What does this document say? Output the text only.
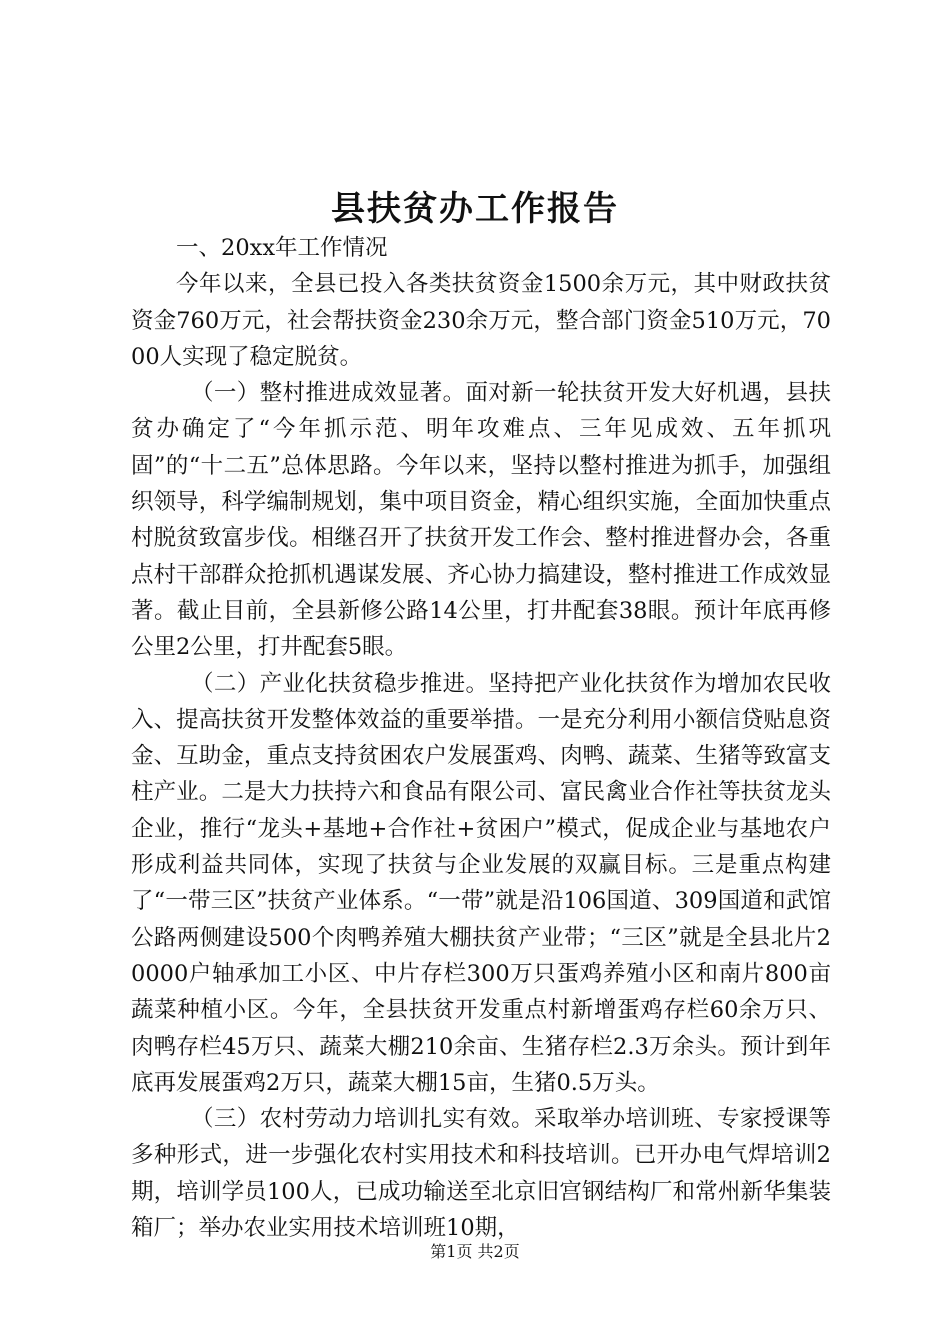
县扶贫办工作报告

一、20xx年工作情况

今年以来，全县已投入各类扶贫资金1500余万元，其中财政扶贫资金760万元，社会帮扶资金230余万元，整合部门资金510万元，7000人实现了稳定脱贫。

（一）整村推进成效显著。面对新一轮扶贫开发大好机遇，县扶贫办确定了“今年抓示范、明年攻难点、三年见成效、五年抓巩固”的“十二五”总体思路。今年以来，坚持以整村推进为抓手，加强组织领导，科学编制规划，集中项目资金，精心组织实施，全面加快重点村脱贫致富步伐。相继召开了扶贫开发工作会、整村推进督办会，各重点村干部群众抢抓机遇谋发展、齐心协力搞建设，整村推进工作成效显著。截止目前，全县新修公路14公里，打井配套38眼。预计年底再修公里2公里，打井配套5眼。

（二）产业化扶贫稳步推进。坚持把产业化扶贫作为增加农民收入、提高扶贫开发整体效益的重要举措。一是充分利用小额信贷贴息资金、互助金，重点支持贫困农户发展蛋鸡、肉鸭、蔬菜、生猪等致富支柱产业。二是大力扶持六和食品有限公司、富民禽业合作社等扶贫龙头企业，推行“龙头+基地+合作社+贫困户”模式，促成企业与基地农户形成利益共同体，实现了扶贫与企业发展的双赢目标。三是重点构建了“一带三区”扶贫产业体系。“一带”就是沿106国道、309国道和武馆公路两侧建设500个肉鸭养殖大棚扶贫产业带；“三区”就是全县北片20000户轴承加工小区、中片存栏300万只蛋鸡养殖小区和南片800亩蔬菜种植小区。今年，全县扶贫开发重点村新增蛋鸡存栏60余万只、肉鸭存栏45万只、蔬菜大棚210余亩、生猪存栏2.3万余头。预计到年底再发展蛋鸡2万只，蔬菜大棚15亩，生猪0.5万头。

（三）农村劳动力培训扎实有效。采取举办培训班、专家授课等多种形式，进一步强化农村实用技术和科技培训。已开办电气焊培训2期，培训学员100人，已成功输送至北京旧宫钢结构厂和常州新华集装箱厂；举办农业实用技术培训班10期，

第1页 共2页
